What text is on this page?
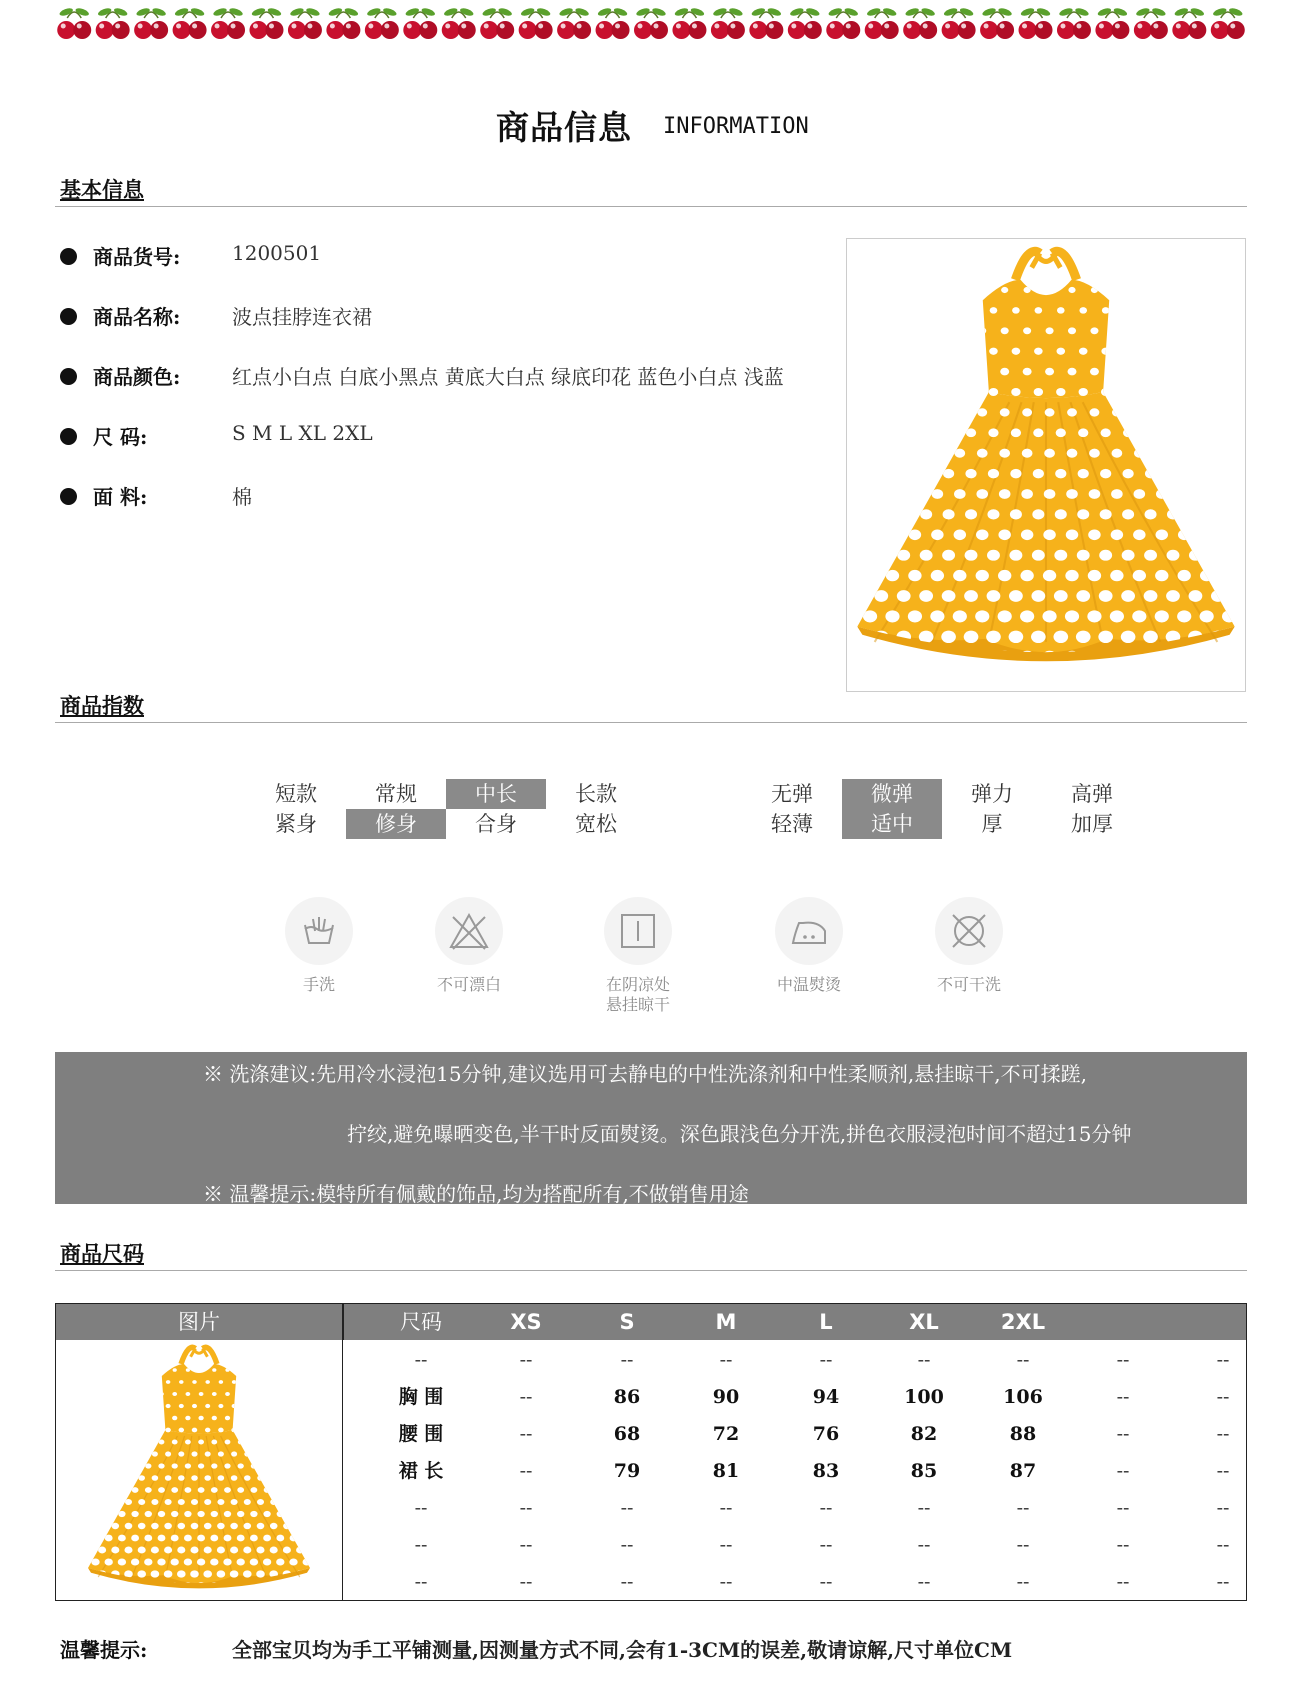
商品信息 INFORMATION
基本信息
商品货号:	1200501
商品名称:	波点挂脖连衣裙
商品颜色:	红点小白点 白底小黑点 黄底大白点 绿底印花 蓝色小白点 浅蓝
尺 码:	S M L XL 2XL
面 料:	棉
商品指数
短款	常规	中长	长款
紧身	修身	合身	宽松
无弹	微弹	弹力	高弹
轻薄	适中	厚	加厚
手洗	不可漂白	在阴凉处
悬挂晾干
中温熨烫	不可干洗
※ 洗涤建议:先用冷水浸泡15分钟,建议选用可去静电的中性洗涤剂和中性柔顺剂,悬挂晾干,不可揉蹉,
拧绞,避免曝晒变色,半干时反面熨烫。深色跟浅色分开洗,拼色衣服浸泡时间不超过15分钟
※ 温馨提示:模特所有佩戴的饰品,均为搭配所有,不做销售用途
商品尺码
图片	尺码	XS	S	M	L	XL	2XL
--	--	--	--	--	--	--	--	--
胸 围	--	86	90	94	100	106	--	--
腰 围	--	68	72	76	82	88	--	--
裙 长	--	79	81	83	85	87	--	--
--	--	--	--	--	--	--	--	--
--	--	--	--	--	--	--	--	--
--	--	--	--	--	--	--	--	--
温馨提示:	全部宝贝均为手工平铺测量,因测量方式不同,会有1-3CM的误差,敬请谅解,尺寸单位CM
